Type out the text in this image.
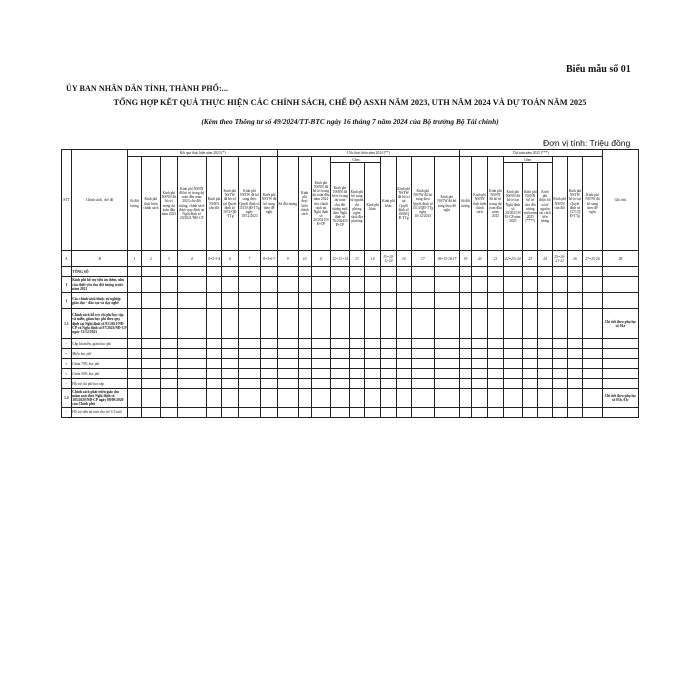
Biểu mẫu số 01
ỦY BAN NHÂN DÂN TỈNH, THÀNH PHỐ:...
TỔNG HỢP KẾT QUẢ THỰC HIỆN CÁC CHÍNH SÁCH, CHẾ ĐỘ ASXH NĂM 2023, UTH NĂM 2024 VÀ DỰ TOÁN NĂM 2025
(Kèm theo Thông tư số 49/2024/TT-BTC ngày 16 tháng 7 năm 2024 của Bộ trưởng Bộ Tài chính)
Đơn vị tính: Triệu đồng
STT	Chính sách, chế độ	Kết quả thực hiện năm 2023 (*)								Ước thực hiện năm 2024 (**)										Dự toán năm 2025 (***)									Ghi chú
		Số đối tượng	Kinh phí thực hiện chính sách	Kinh phí NSNN đã bố trí trong dự toán đầu năm 2023	Kinh phí NSNN đã bố trí trong dự toán đầu năm 2023 cho đối tượng, chính sách được quy định tại Nghị định số 20/2021/NĐ-CP	Kinh phí NSNN cân đối	Kinh phí NSTW đã bố trí tại Quyết định số 1672/QĐ-TTg	Kinh phí NSTW đã bổ sung theo Quyết định số 1513/QĐ-TTg ngày 10/12/2023	Kinh phí NSTW đã bổ sung theo đề nghị	Số đối tượng	Kinh phí thực hiện chính sách	Kinh phí NSNN đã bố trí trong dự toán đầu năm 2024 cho chính sách tại Nghị định số 20/2021/NĐ-CP	Gồm			Kinh phí khác	Kinh phí NSTW đã bố trí tại Quyết định số 1600/QĐ-TTg	Kinh phí NSTW đã bổ sung theo Quyết định số 1513/QĐ-TTg ngày 10/12/2023	Kinh phí NSTW đã bổ sung theo đề nghị	Số đối tượng	Kinh phí NSNN thực hiện chính sách	Kinh phí NSNN đã bố trí trong dự toán đầu năm 2025	Gồm			Kinh phí NSNN cân đối	Kinh phí NSTW bố trí tại Quyết định số 1271/QĐ-TTg	Kinh phí NSTW đã bổ sung theo đề nghị	
													Kinh phí NSNN đã bố trí trong dự toán cho đối tượng mới theo Nghị định số 76/2024/NĐ-CP	Kinh phí bổ sung từ nguồn dự phòng ngân sách địa phương	Kinh phí khác								Kinh phí NSNN đã bố trí tại Nghị định số 20/2021/NĐ-CP năm 2025	Kinh phí NSNN bố trí cho đối tượng mới năm 2025 (****)	Kinh phí được bố trí từ nguồn cải cách tiền lương				
A	B	1	2	3	4	5=2-3-4	6	7	8=5-6-7	9	10	11	12=13+14	13	14	15=10-11-14	16	17	18=15-16-17	19	20	21	22=23+24	23	24	25=20-21-22	26	27=25-26	28
	TỔNG SỐ																												
I	Kinh phí hỗ trợ tiền ăn thêm, nhu cầu thiết yếu cho đối tượng trước năm 2021																												
1	Các chính sách thuộc sự nghiệp giáo dục - đào tạo và dạy nghề																												
1.1	Chính sách hỗ trợ chi phí học tập và miễn, giảm học phí theo quy định tại Nghị định số 81/2021/NĐ-CP và Nghị định số 97/2023/NĐ-CP ngày 31/12/2023																												Chi tiết theo phụ lục số 01a
-	Cấp bù miễn, giảm học phí																												
+	Miễn học phí																												
+	Giảm 70% học phí																												
+	Giảm 50% học phí																												
-	Hỗ trợ chi phí học tập																												
1.2	Chính sách phát triển giáo dục mầm non theo Nghị định số 105/2020/NĐ-CP ngày 08/09/2020 của Chính phủ																												Chi tiết theo phụ lục số 01b, 01c
-	Hỗ trợ tiền ăn trưa cho trẻ 3-5 tuổi																												
